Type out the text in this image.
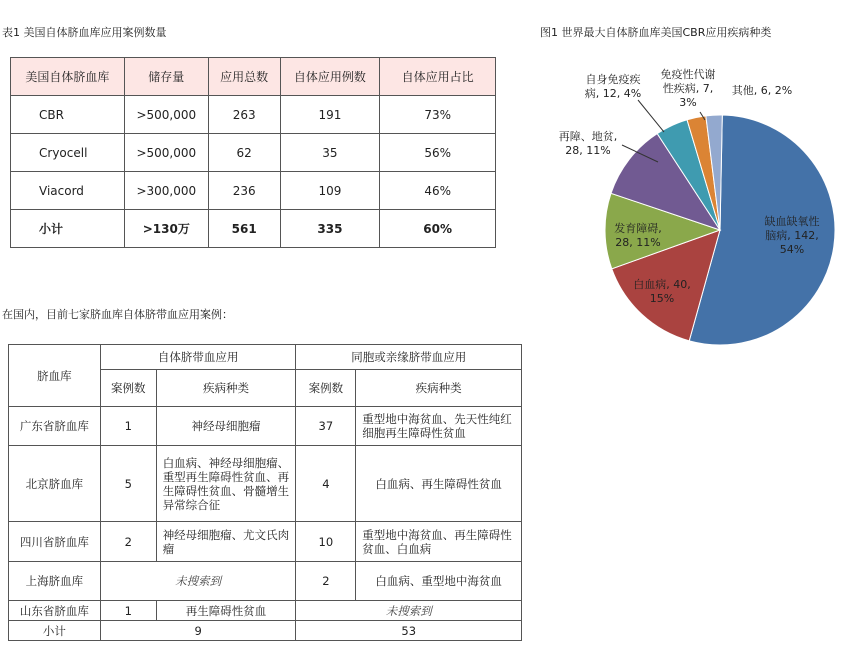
表1 美国自体脐血库应用案例数量
美国自体脐血库	储存量	应用总数	自体应用例数	自体应用占比
CBR	>500,000	263	191	73%
Cryocell	>500,000	62	35	56%
Viacord	>300,000	236	109	46%
小计	>130万	561	335	60%
在国内，目前七家脐血库自体脐带血应用案例：
脐血库	自体脐带血应用		同胞或亲缘脐带血应用	
	案例数	疾病种类	案例数	疾病种类
广东省脐血库	1	神经母细胞瘤	37	重型地中海贫血、先天性纯红细胞再生障碍性贫血
北京脐血库	5	白血病、神经母细胞瘤、重型再生障碍性贫血、再生障碍性贫血、骨髓增生异常综合征	4	白血病、再生障碍性贫血
四川省脐血库	2	神经母细胞瘤、尤文氏肉瘤	10	重型地中海贫血、再生障碍性贫血、白血病
上海脐血库	未搜索到		2	白血病、重型地中海贫血
山东省脐血库	1	再生障碍性贫血	未搜索到	
小计	9		53	
图1 世界最大自体脐血库美国CBR应用疾病种类
缺血缺氧性脑病, 142, 54%
白血病, 40, 15%
发育障碍, 28, 11%
再障、地贫, 28, 11%
自身免疫疾病, 12, 4%
免疫性代谢性疾病, 7, 3%
其他, 6, 2%
